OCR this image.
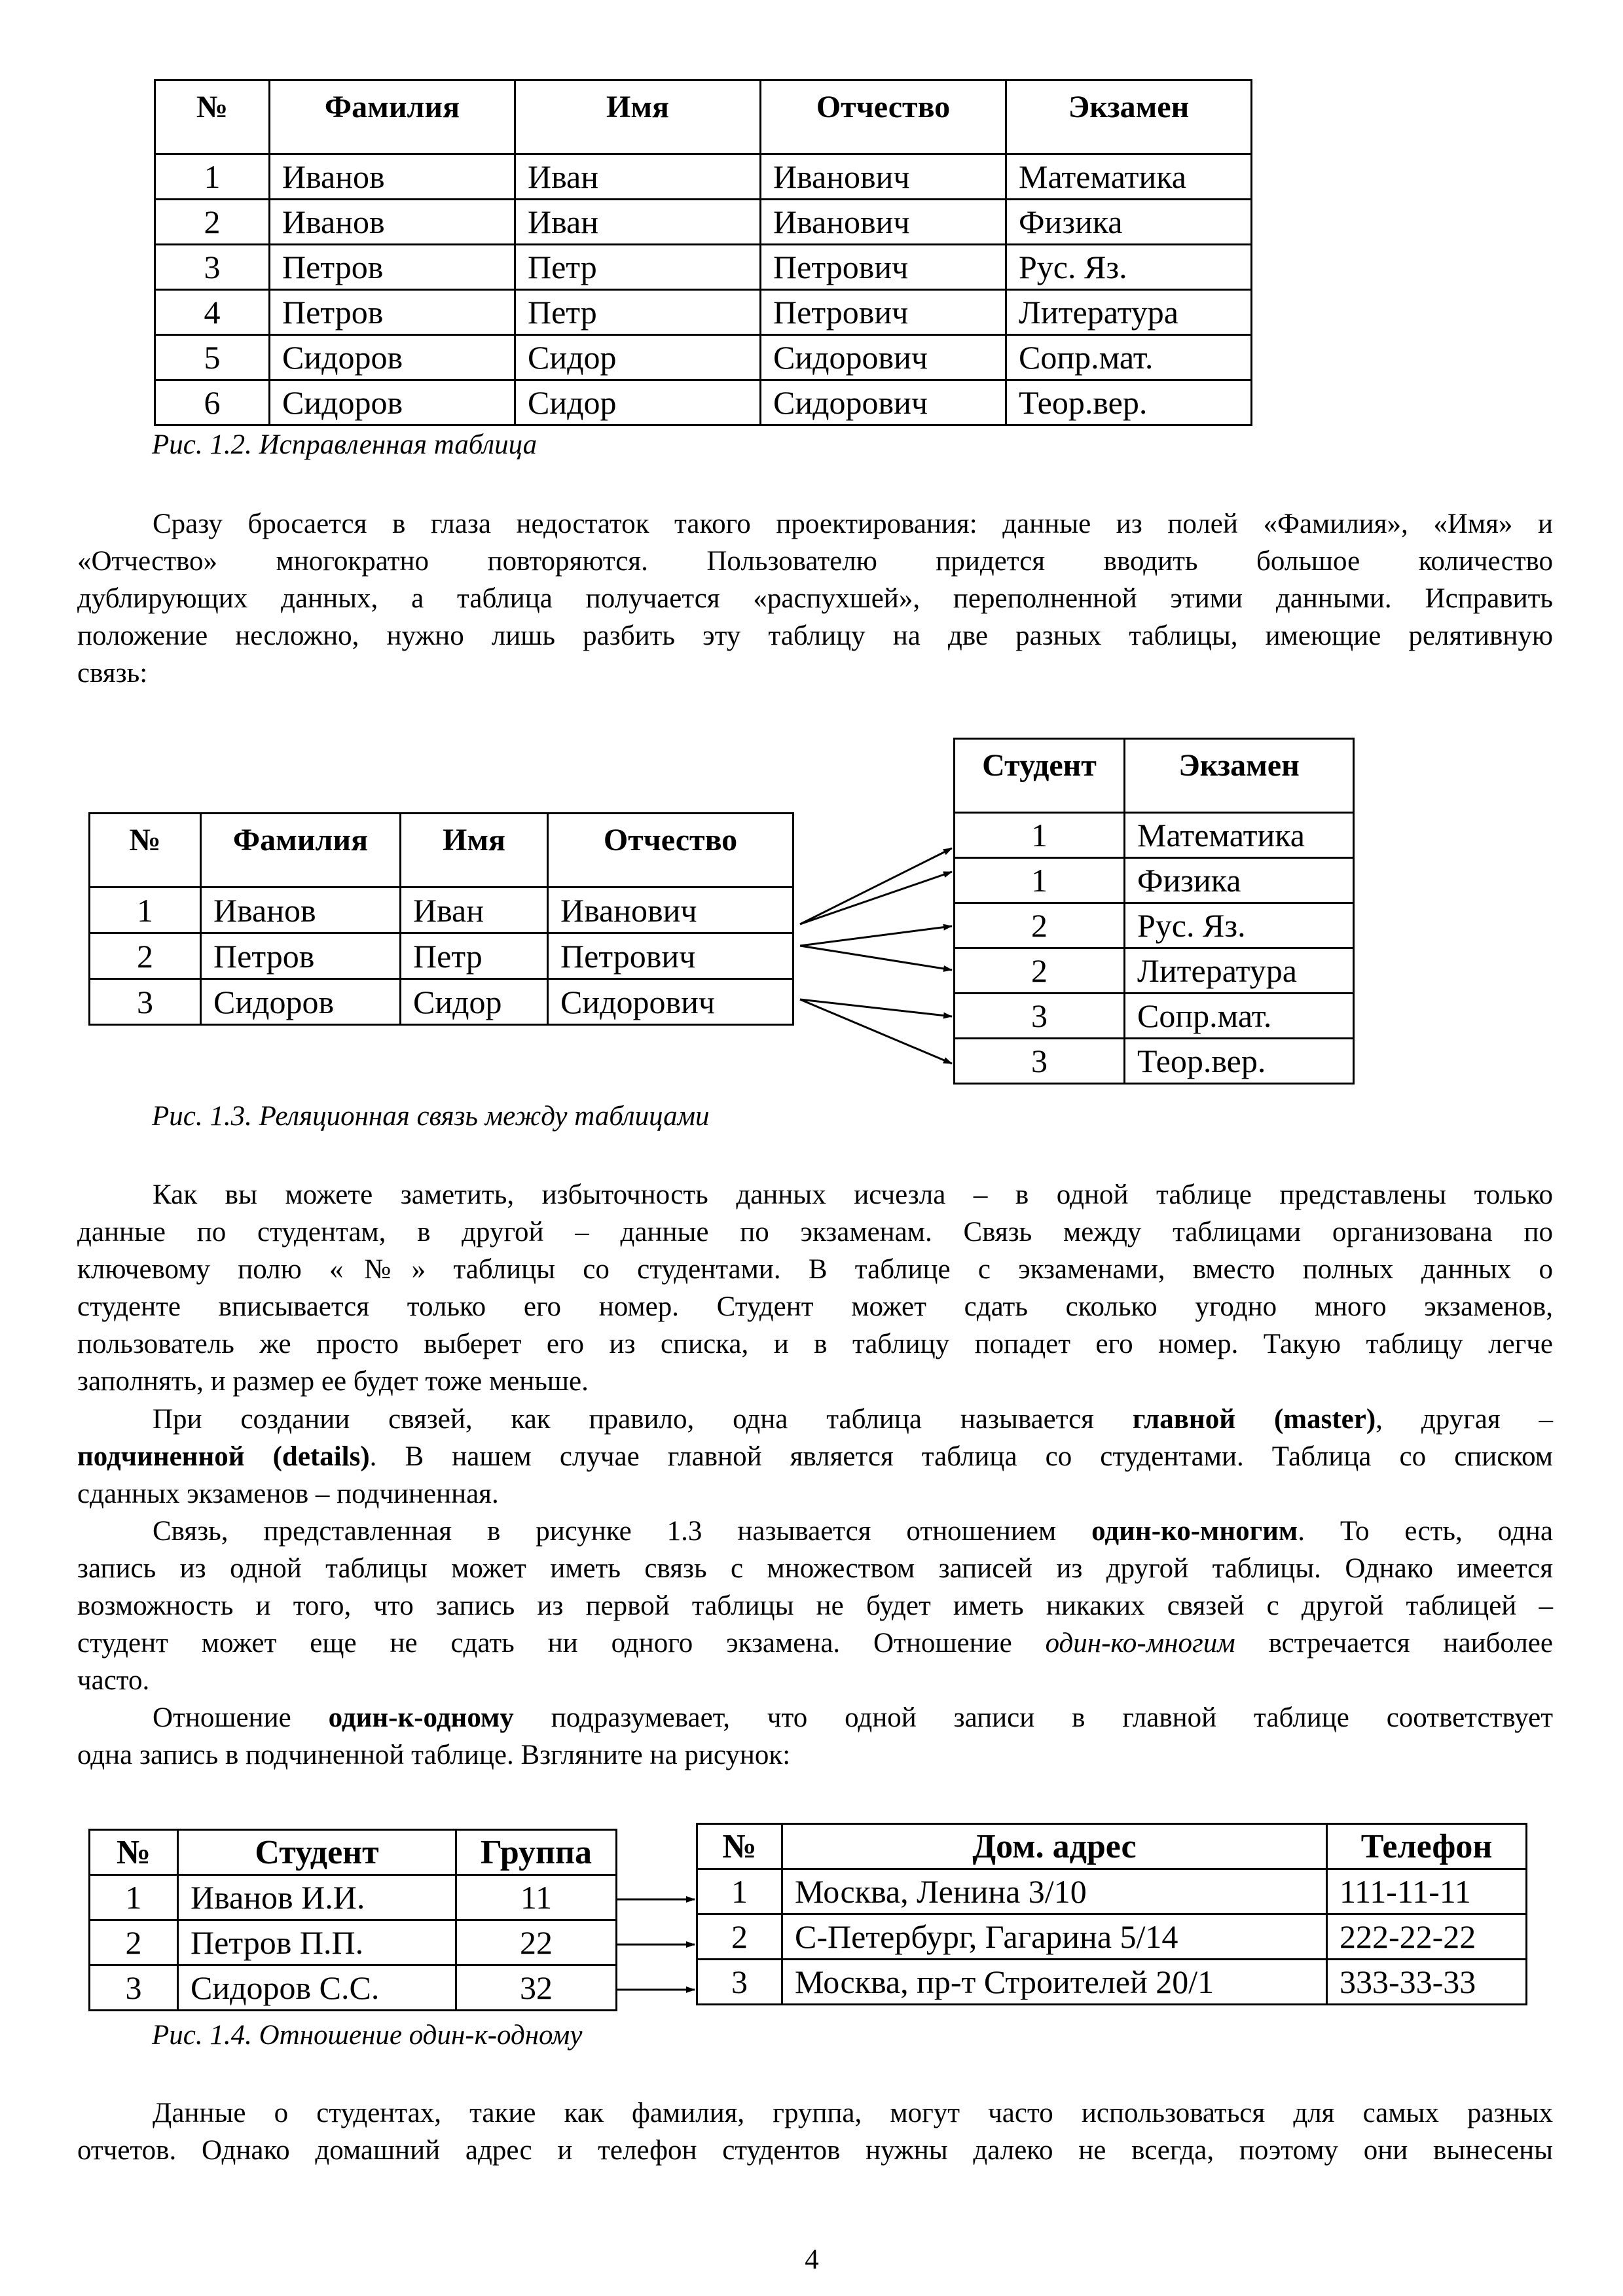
№	Фамилия	Имя	Отчество	Экзамен
1	Иванов	Иван	Иванович	Математика
2	Иванов	Иван	Иванович	Физика
3	Петров	Петр	Петрович	Рус. Яз.
4	Петров	Петр	Петрович	Литература
5	Сидоров	Сидор	Сидорович	Сопр.мат.
6	Сидоров	Сидор	Сидорович	Теор.вер.
Рис. 1.2. Исправленная таблица
Сразу бросается в глаза недостаток такого проектирования: данные из полей «Фамилия», «Имя» и
«Отчество» многократно повторяются. Пользователю придется вводить большое количество
дублирующих данных, а таблица получается «распухшей», переполненной этими данными. Исправить
положение несложно, нужно лишь разбить эту таблицу на две разных таблицы, имеющие релятивную
связь:
№	Фамилия	Имя	Отчество
1	Иванов	Иван	Иванович
2	Петров	Петр	Петрович
3	Сидоров	Сидор	Сидорович
Студент	Экзамен
1	Математика
1	Физика
2	Рус. Яз.
2	Литература
3	Сопр.мат.
3	Теор.вер.
Рис. 1.3. Реляционная связь между таблицами
Как вы можете заметить, избыточность данных исчезла – в одной таблице представлены только
данные по студентам, в другой – данные по экзаменам. Связь между таблицами организована по
ключевому полю «№» таблицы со студентами. В таблице с экзаменами, вместо полных данных о
студенте вписывается только его номер. Студент может сдать сколько угодно много экзаменов,
пользователь же просто выберет его из списка, и в таблицу попадет его номер. Такую таблицу легче
заполнять, и размер ее будет тоже меньше.
При создании связей, как правило, одна таблица называется главной (master), другая –
подчиненной (details). В нашем случае главной является таблица со студентами. Таблица со списком
сданных экзаменов – подчиненная.
Связь, представленная в рисунке 1.3 называется отношением один-ко-многим. То есть, одна
запись из одной таблицы может иметь связь с множеством записей из другой таблицы. Однако имеется
возможность и того, что запись из первой таблицы не будет иметь никаких связей с другой таблицей –
студент может еще не сдать ни одного экзамена. Отношение один-ко-многим встречается наиболее
часто.
Отношение один-к-одному подразумевает, что одной записи в главной таблице соответствует
одна запись в подчиненной таблице. Взгляните на рисунок:
№	Студент	Группа
1	Иванов И.И.	11
2	Петров П.П.	22
3	Сидоров С.С.	32
№	Дом. адрес	Телефон
1	Москва, Ленина 3/10	111-11-11
2	С-Петербург, Гагарина 5/14	222-22-22
3	Москва, пр-т Строителей 20/1	333-33-33
Рис. 1.4. Отношение один-к-одному
Данные о студентах, такие как фамилия, группа, могут часто использоваться для самых разных
отчетов. Однако домашний адрес и телефон студентов нужны далеко не всегда, поэтому они вынесены
4
